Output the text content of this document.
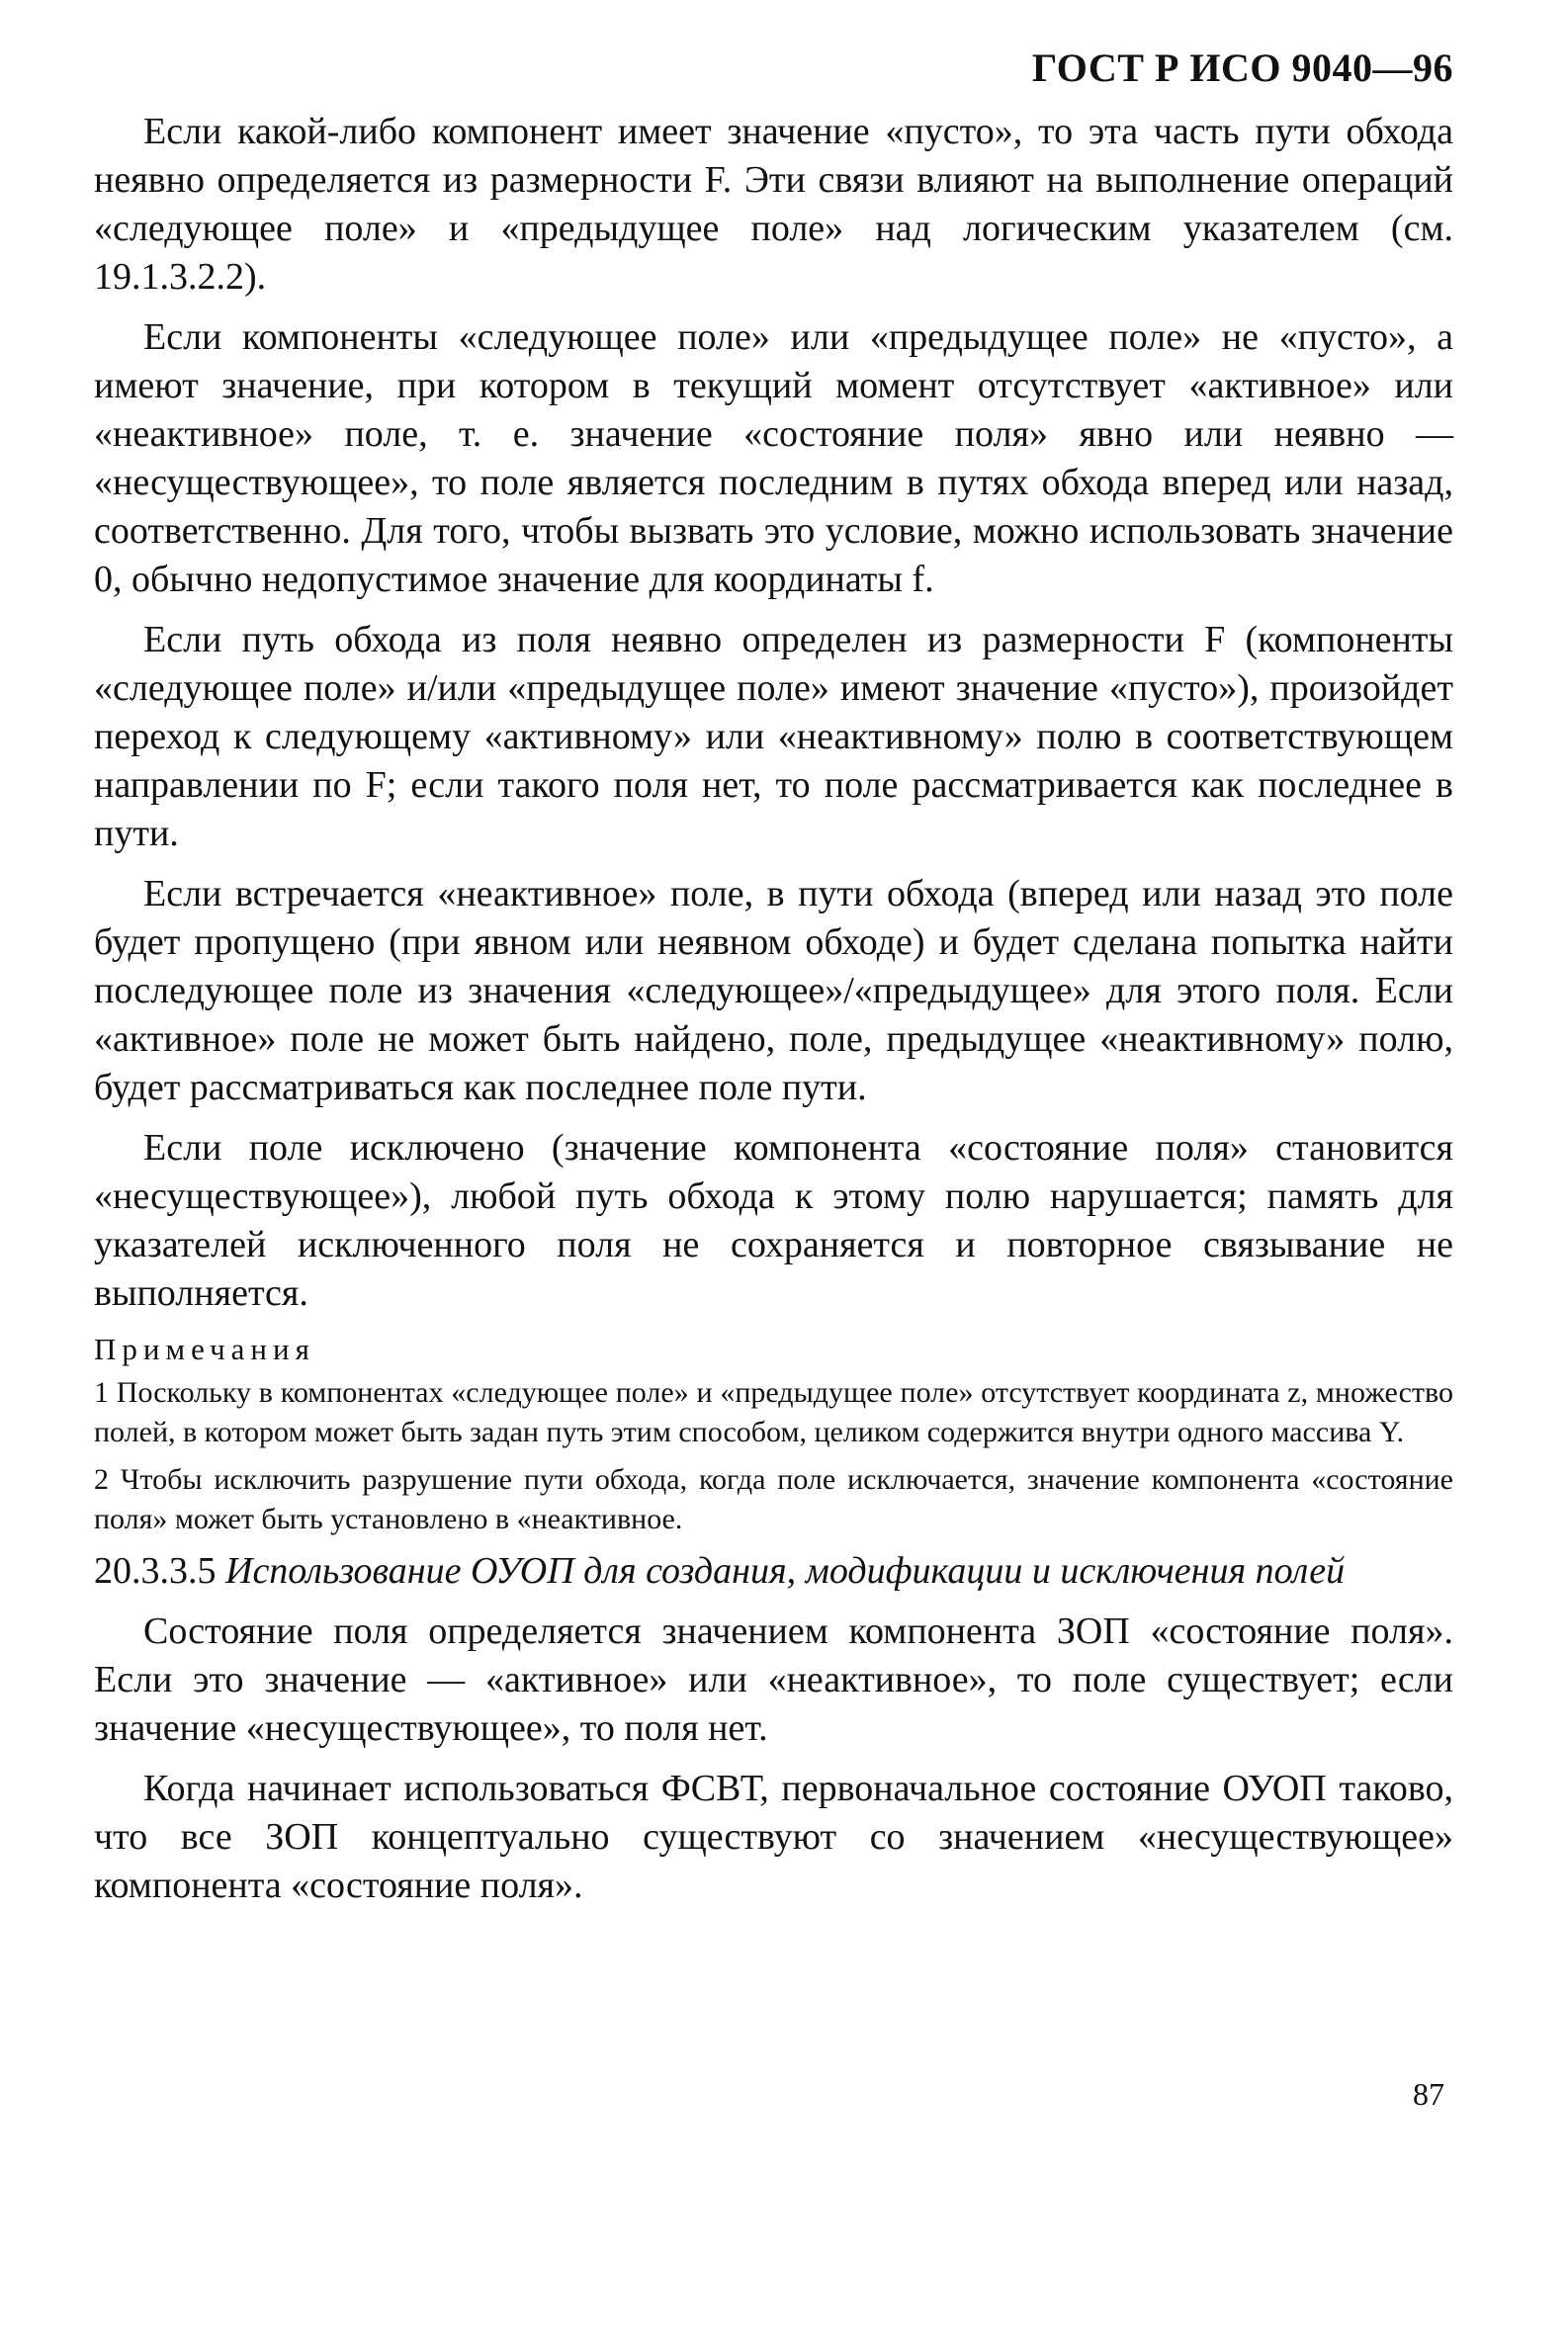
ГОСТ Р ИСО 9040—96

Если какой-либо компонент имеет значение «пусто», то эта часть пути обхода неявно определяется из размерности F. Эти связи влияют на выполнение операций «следующее поле» и «предыдущее поле» над логическим указателем (см. 19.1.3.2.2).

Если компоненты «следующее поле» или «предыдущее поле» не «пусто», а имеют значение, при котором в текущий момент отсутствует «активное» или «неактивное» поле, т. е. значение «состояние поля» явно или неявно — «несуществующее», то поле является последним в путях обхода вперед или назад, соответственно. Для того, чтобы вызвать это условие, можно использовать значение 0, обычно недопустимое значение для координаты f.

Если путь обхода из поля неявно определен из размерности F (компоненты «следующее поле» и/или «предыдущее поле» имеют значение «пусто»), произойдет переход к следующему «активному» или «неактивному» полю в соответствующем направлении по F; если такого поля нет, то поле рассматривается как последнее в пути.

Если встречается «неактивное» поле, в пути обхода (вперед или назад это поле будет пропущено (при явном или неявном обходе) и будет сделана попытка найти последующее поле из значения «следующее»/«предыдущее» для этого поля. Если «активное» поле не может быть найдено, поле, предыдущее «неактивному» полю, будет рассматриваться как последнее поле пути.

Если поле исключено (значение компонента «состояние поля» становится «несуществующее»), любой путь обхода к этому полю нарушается; память для указателей исключенного поля не сохраняется и повторное связывание не выполняется.

Примечания

1 Поскольку в компонентах «следующее поле» и «предыдущее поле» отсутствует координата z, множество полей, в котором может быть задан путь этим способом, целиком содержится внутри одного массива Y.

2 Чтобы исключить разрушение пути обхода, когда поле исключается, значение компонента «состояние поля» может быть установлено в «неактивное.

20.3.3.5 Использование ОУОП для создания, модификации и исключения полей

Состояние поля определяется значением компонента ЗОП «состояние поля». Если это значение — «активное» или «неактивное», то поле существует; если значение «несуществующее», то поля нет.

Когда начинает использоваться ФСВТ, первоначальное состояние ОУОП таково, что все ЗОП концептуально существуют со значением «несуществующее» компонента «состояние поля».

87
